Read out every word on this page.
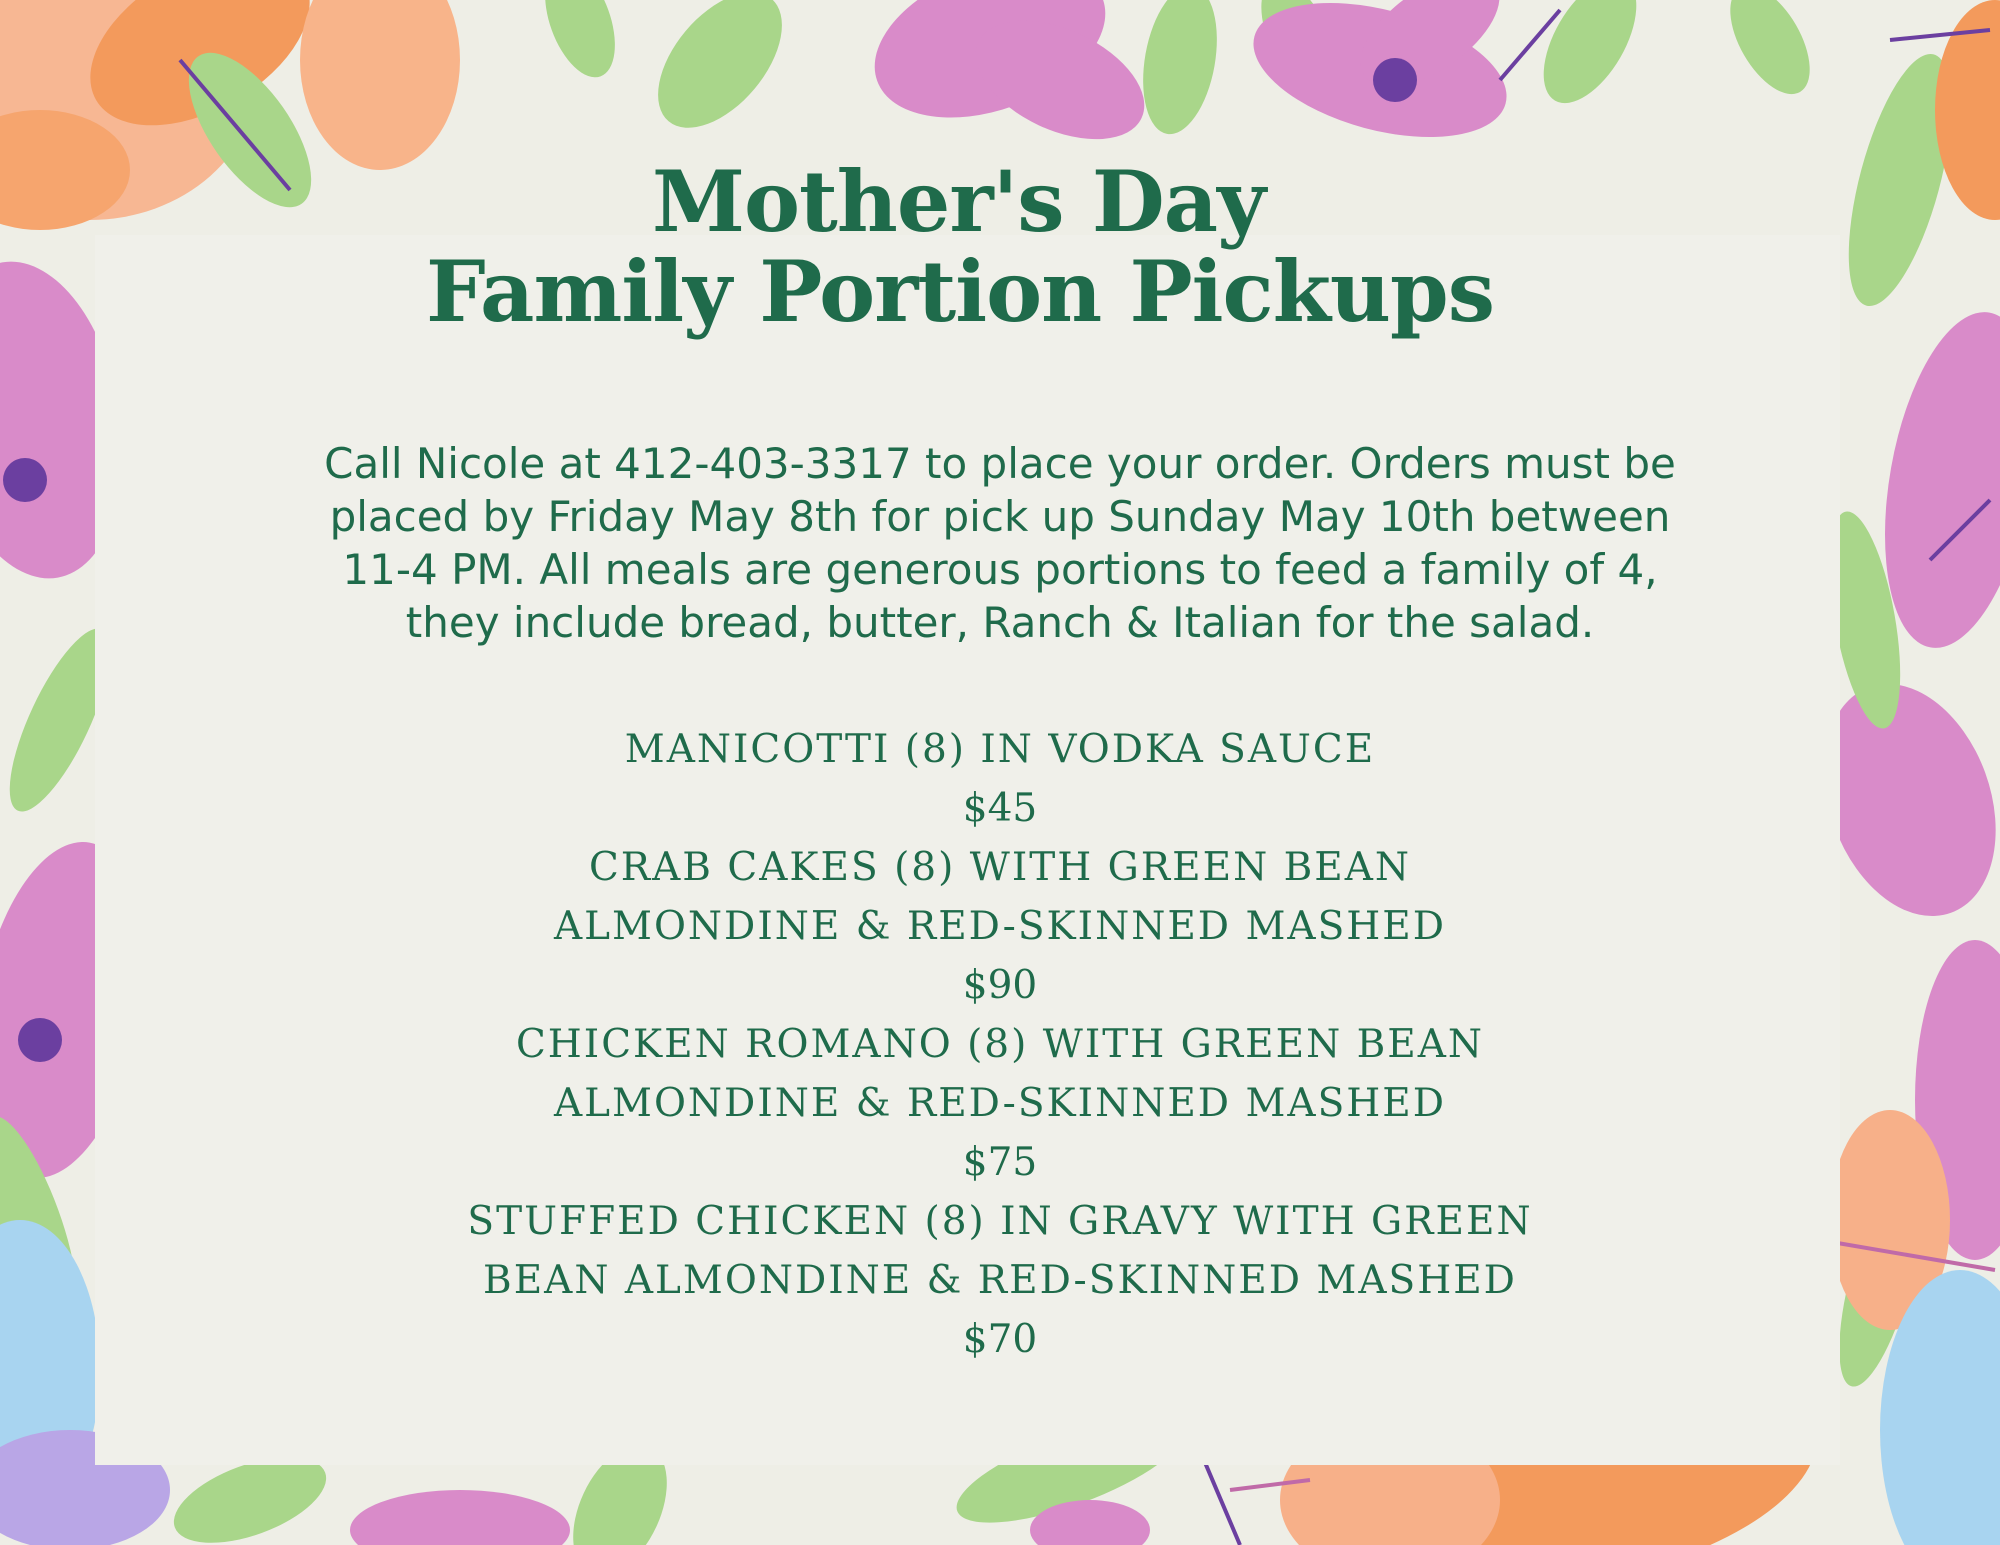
Mother's Day
Family Portion Pickups
Call Nicole at 412-403-3317 to place your order. Orders must be
placed by Friday May 8th for pick up Sunday May 10th between
11-4 PM. All meals are generous portions to feed a family of 4,
they include bread, butter, Ranch & Italian for the salad.
MANICOTTI (8) IN VODKA SAUCE
$45
CRAB CAKES (8) WITH GREEN BEAN
ALMONDINE & RED-SKINNED MASHED
$90
CHICKEN ROMANO (8) WITH GREEN BEAN
ALMONDINE & RED-SKINNED MASHED
$75
STUFFED CHICKEN (8) IN GRAVY WITH GREEN
BEAN ALMONDINE & RED-SKINNED MASHED
$70
